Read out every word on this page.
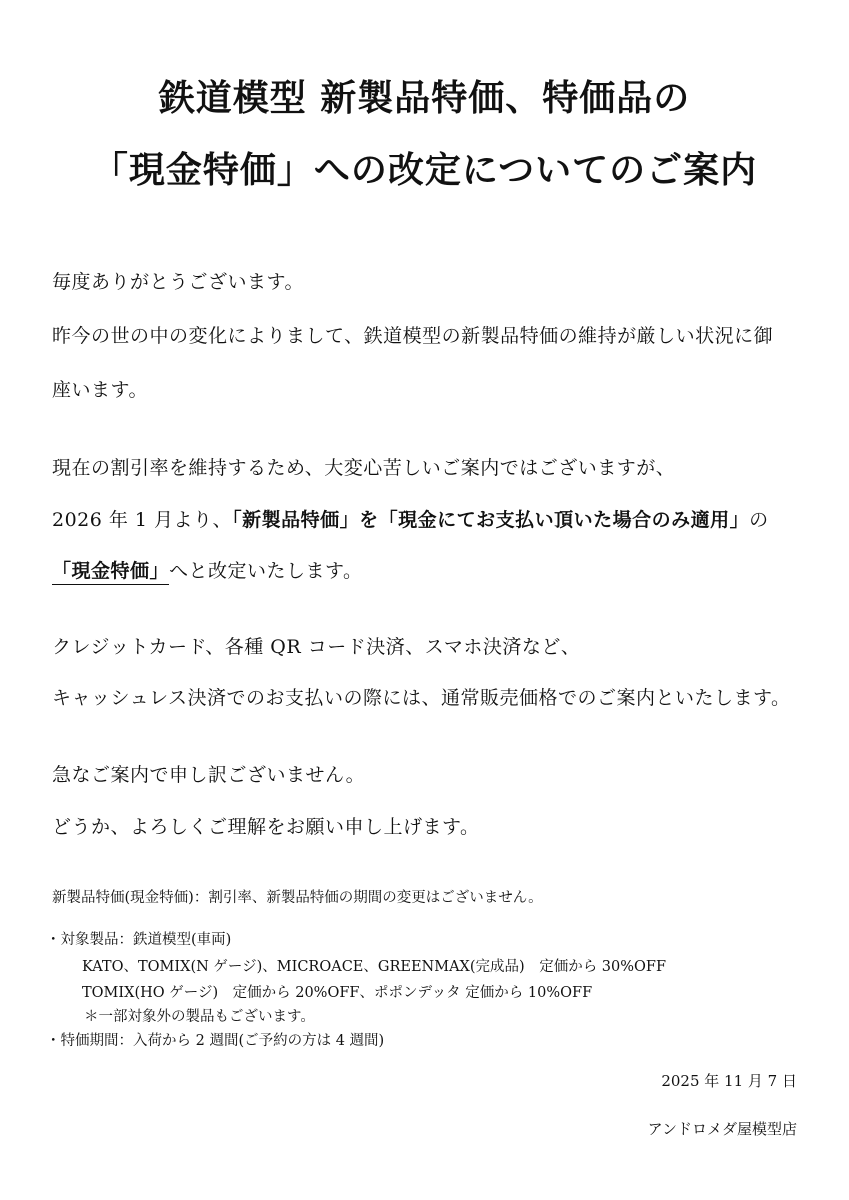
鉄道模型 新製品特価、特価品の
「現金特価」への改定についてのご案内
毎度ありがとうございます。
昨今の世の中の変化によりまして、鉄道模型の新製品特価の維持が厳しい状況に御
座います。
現在の割引率を維持するため、大変心苦しいご案内ではございますが、
2026 年 1 月より、「新製品特価」を「現金にてお支払い頂いた場合のみ適用」の
「現金特価」へと改定いたします。
クレジットカード、各種 QR コード決済、スマホ決済など、
キャッシュレス決済でのお支払いの際には、通常販売価格でのご案内といたします。
急なご案内で申し訳ございません。
どうか、よろしくご理解をお願い申し上げます。
新製品特価(現金特価)：割引率、新製品特価の期間の変更はございません。
・対象製品：鉄道模型(車両)
KATO、TOMIX(N ゲージ)、MICROACE、GREENMAX(完成品)　定価から 30%OFF
TOMIX(HO ゲージ)　定価から 20%OFF、ポポンデッタ 定価から 10%OFF
＊一部対象外の製品もございます。
・特価期間：入荷から 2 週間(ご予約の方は 4 週間)
2025 年 11 月 7 日
アンドロメダ屋模型店
